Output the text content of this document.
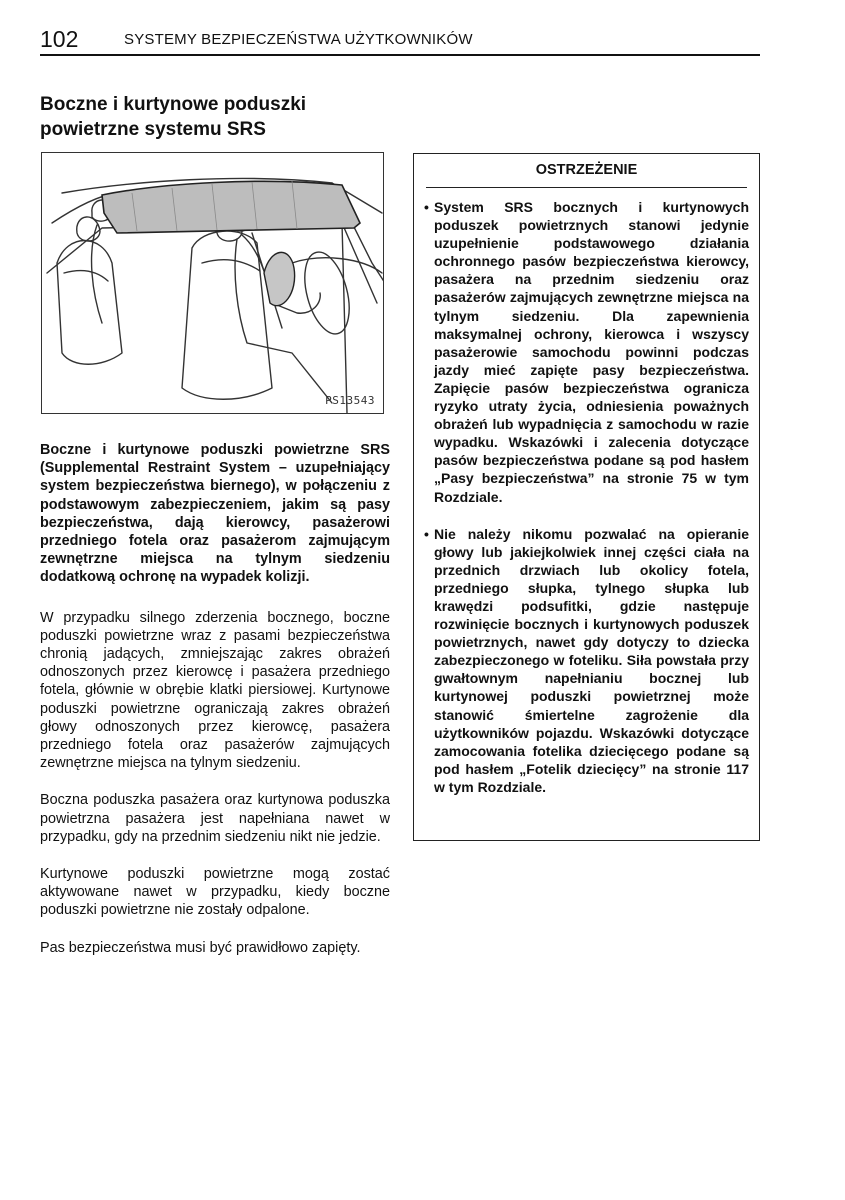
102	SYSTEMY BEZPIECZEŃSTWA UŻYTKOWNIKÓW
Boczne i kurtynowe poduszki
powietrzne systemu SRS
PS13543

Boczne i kurtynowe poduszki powietrzne SRS (Supplemental Restraint System – uzupełniający system bezpieczeństwa biernego), w połączeniu z podstawowym zabezpieczeniem, jakim są pasy bezpieczeństwa, dają kierowcy, pasażerowi przedniego fotela oraz pasażerom zajmującym zewnętrzne miejsca na tylnym siedzeniu dodatkową ochronę na wypadek kolizji.

W przypadku silnego zderzenia bocznego, boczne poduszki powietrzne wraz z pasami bezpieczeństwa chronią jadących, zmniejszając zakres obrażeń odnoszonych przez kierowcę i pasażera przedniego fotela, głównie w obrębie klatki piersiowej. Kurtynowe poduszki powietrzne ograniczają zakres obrażeń głowy odnoszonych przez kierowcę, pasażera przedniego fotela oraz pasażerów zajmujących zewnętrzne miejsca na tylnym siedzeniu.

Boczna poduszka pasażera oraz kurtynowa poduszka powietrzna pasażera jest napełniana nawet w przypadku, gdy na przednim siedzeniu nikt nie jedzie.

Kurtynowe poduszki powietrzne mogą zostać aktywowane nawet w przypadku, kiedy boczne poduszki powietrzne nie zostały odpalone.

Pas bezpieczeństwa musi być prawidłowo zapięty.

OSTRZEŻENIE
• System SRS bocznych i kurtynowych poduszek powietrznych stanowi jedynie uzupełnienie podstawowego działania ochronnego pasów bezpieczeństwa kierowcy, pasażera na przednim siedzeniu oraz pasażerów zajmujących zewnętrzne miejsca na tylnym siedzeniu. Dla zapewnienia maksymalnej ochrony, kierowca i wszyscy pasażerowie samochodu powinni podczas jazdy mieć zapięte pasy bezpieczeństwa. Zapięcie pasów bezpieczeństwa ogranicza ryzyko utraty życia, odniesienia poważnych obrażeń lub wypadnięcia z samochodu w razie wypadku. Wskazówki i zalecenia dotyczące pasów bezpieczeństwa podane są pod hasłem „Pasy bezpieczeństwa” na stronie 75 w tym Rozdziale.
• Nie należy nikomu pozwalać na opieranie głowy lub jakiejkolwiek innej części ciała na przednich drzwiach lub okolicy fotela, przedniego słupka, tylnego słupka lub krawędzi podsufitki, gdzie następuje rozwinięcie bocznych i kurtynowych poduszek powietrznych, nawet gdy dotyczy to dziecka zabezpieczonego w foteliku. Siła powstała przy gwałtownym napełnianiu bocznej lub kurtynowej poduszki powietrznej może stanowić śmiertelne zagrożenie dla użytkowników pojazdu. Wskazówki dotyczące zamocowania fotelika dziecięcego podane są pod hasłem „Fotelik dziecięcy” na stronie 117 w tym Rozdziale.
